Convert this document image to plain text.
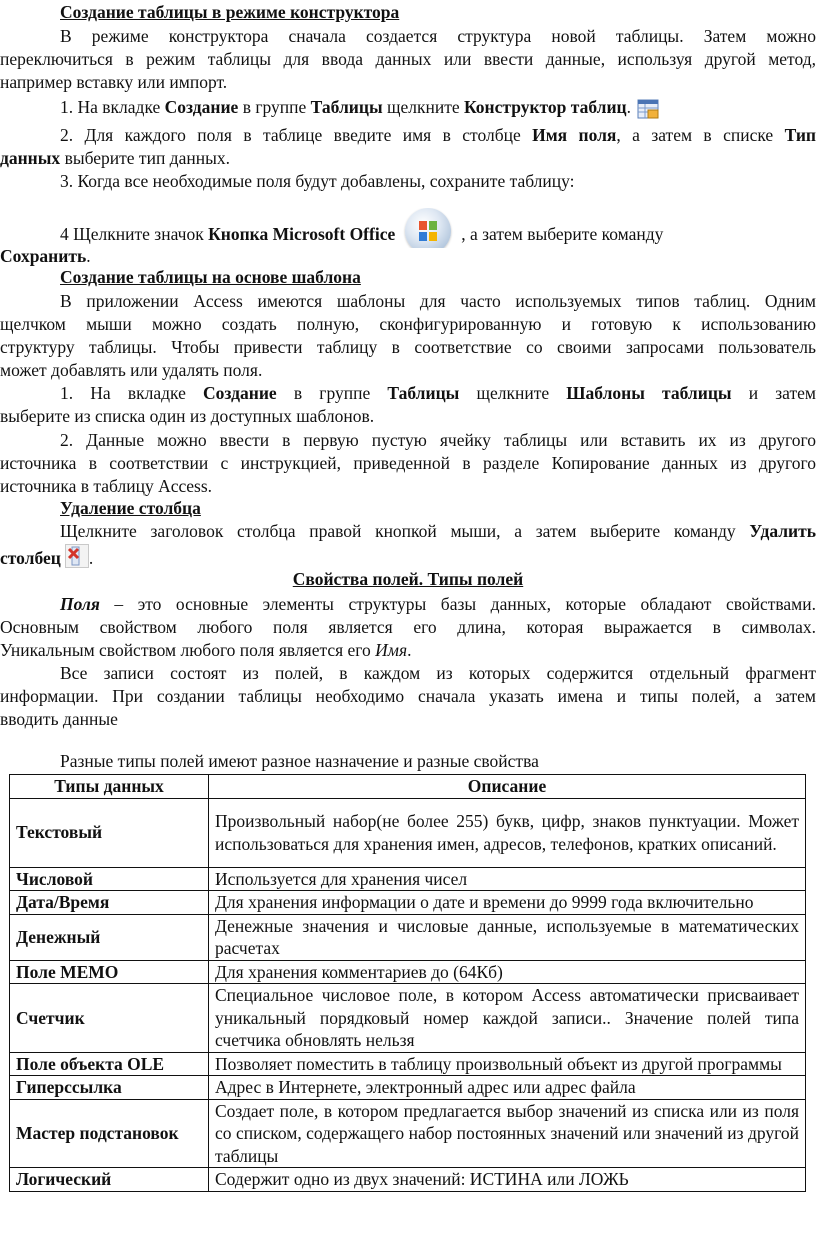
Создание таблицы в режиме конструктора
В режиме конструктора сначала создается структура новой таблицы. Затем можно
переключиться в режим таблицы для ввода данных или ввести данные, используя другой метод,
например вставку или импорт.
1. На вкладке Создание в группе Таблицы щелкните Конструктор таблиц.
2. Для каждого поля в таблице введите имя в столбце Имя поля, а затем в списке Тип
данных выберите тип данных.
3. Когда все необходимые поля будут добавлены, сохраните таблицу:
4 Щелкните значок Кнопка Microsoft Office	, а затем выберите команду
Сохранить.
Создание таблицы на основе шаблона
В приложении Access имеются шаблоны для часто используемых типов таблиц. Одним
щелчком мыши можно создать полную, сконфигурированную и готовую к использованию
структуру таблицы. Чтобы привести таблицу в соответствие со своими запросами пользователь
может добавлять или удалять поля.
1. На вкладке Создание в группе Таблицы щелкните Шаблоны таблицы и затем
выберите из списка один из доступных шаблонов.
2. Данные можно ввести в первую пустую ячейку таблицы или вставить их из другого
источника в соответствии с инструкцией, приведенной в разделе Копирование данных из другого
источника в таблицу Access.
Удаление столбца
Щелкните заголовок столбца правой кнопкой мыши, а затем выберите команду Удалить
столбец .
Свойства полей. Типы полей
Поля – это основные элементы структуры базы данных, которые обладают свойствами.
Основным свойством любого поля является его длина, которая выражается в символах.
Уникальным свойством любого поля является его Имя.
Все записи состоят из полей, в каждом из которых содержится отдельный фрагмент
информации. При создании таблицы необходимо сначала указать имена и типы полей, а затем
вводить данные
Разные типы полей имеют разное назначение и разные свойства
Типы данных	Описание
Текстовый	Произвольный набор(не более 255) букв, цифр, знаков пунктуации. Может использоваться для хранения имен, адресов, телефонов, кратких описаний.
Числовой	Используется для хранения чисел
Дата/Время	Для хранения информации о дате и времени до 9999 года включительно
Денежный	Денежные значения и числовые данные, используемые в математических расчетах
Поле МЕМО	Для хранения комментариев до (64Кб)
Счетчик	Специальное числовое поле, в котором Access автоматически присваивает уникальный порядковый номер каждой записи.. Значение полей типа счетчика обновлять нельзя
Поле объекта OLE	Позволяет поместить в таблицу произвольный объект из другой программы
Гиперссылка	Адрес в Интернете, электронный адрес или адрес файла
Мастер подстановок	Создает поле, в котором предлагается выбор значений из списка или из поля со списком, содержащего набор постоянных значений или значений из другой таблицы
Логический	Содержит одно из двух значений: ИСТИНА или ЛОЖЬ
